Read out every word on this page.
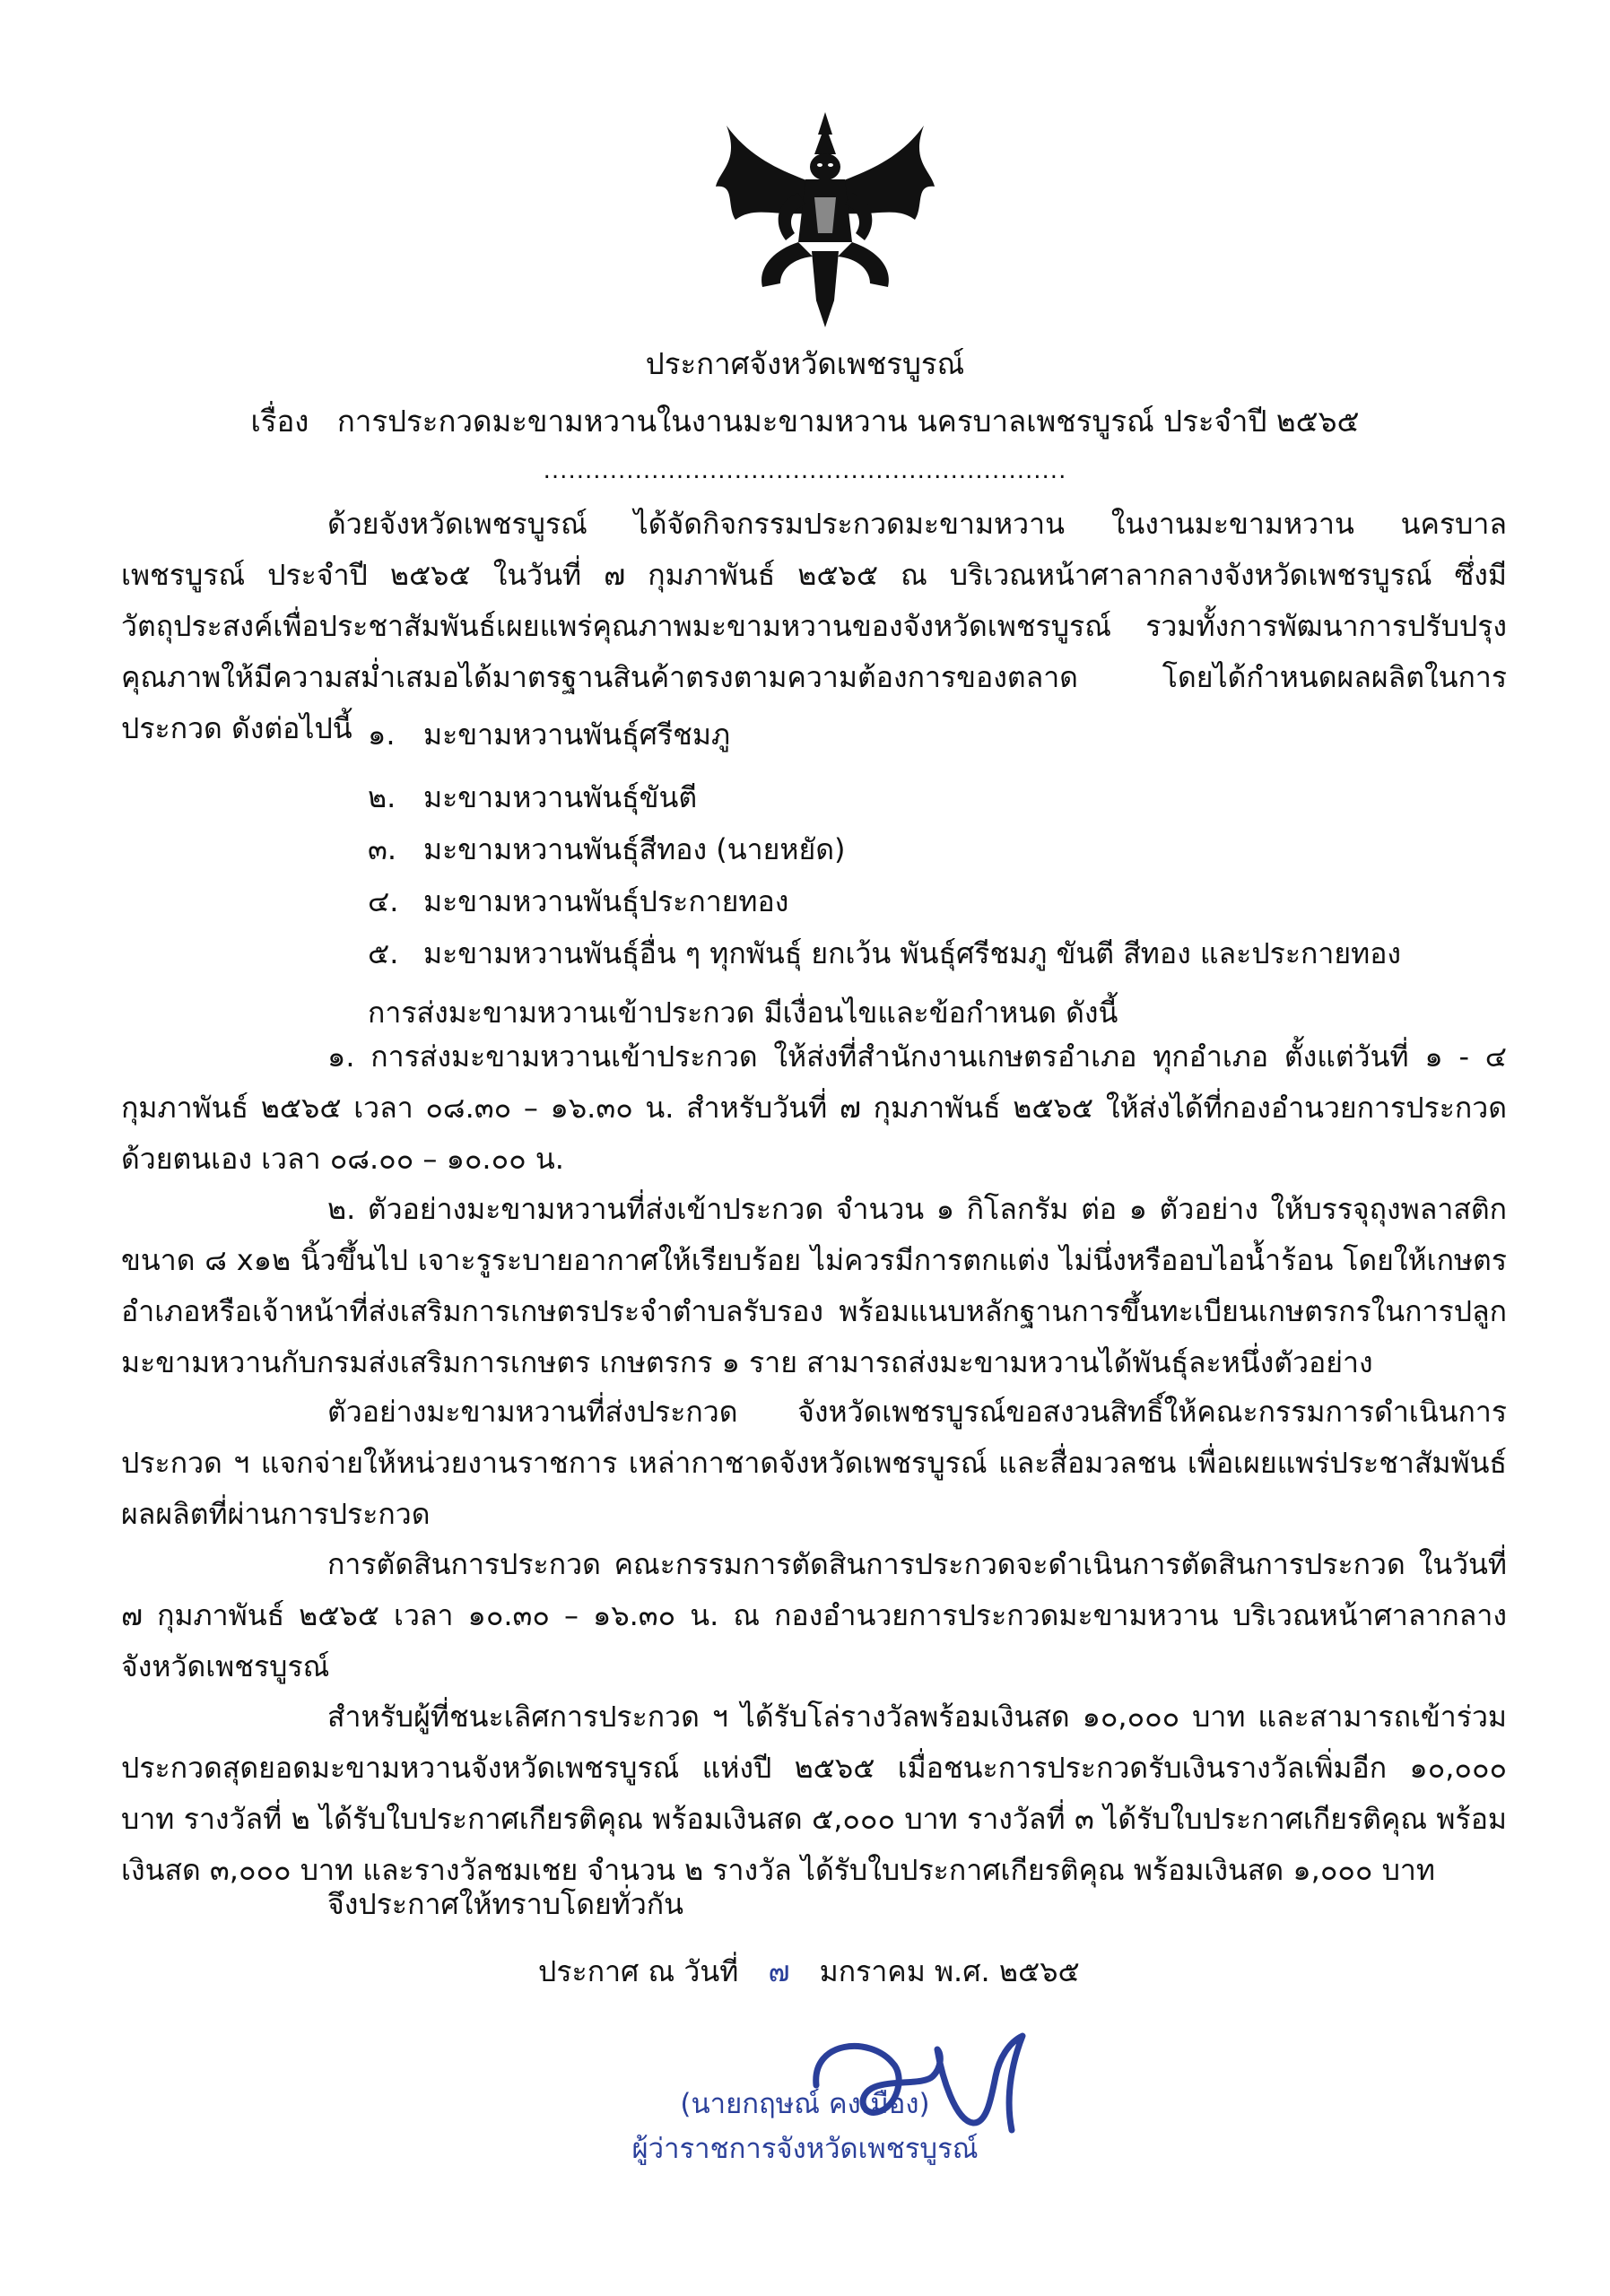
ประกาศจังหวัดเพชรบูรณ์
เรื่อง การประกวดมะขามหวานในงานมะขามหวาน นครบาลเพชรบูรณ์ ประจำปี ๒๕๖๕
...............................................................

ด้วยจังหวัดเพชรบูรณ์ ได้จัดกิจกรรมประกวดมะขามหวาน ในงานมะขามหวาน นครบาลเพชรบูรณ์ ประจำปี ๒๕๖๕ ในวันที่ ๗ กุมภาพันธ์ ๒๕๖๕ ณ บริเวณหน้าศาลากลางจังหวัดเพชรบูรณ์ ซึ่งมีวัตถุประสงค์เพื่อประชาสัมพันธ์เผยแพร่คุณภาพมะขามหวานของจังหวัดเพชรบูรณ์ รวมทั้งการพัฒนาการปรับปรุงคุณภาพให้มีความสม่ำเสมอได้มาตรฐานสินค้าตรงตามความต้องการของตลาด โดยได้กำหนดผลผลิตในการประกวด ดังต่อไปนี้ ๑. มะขามหวานพันธุ์ศรีชมภู
๒. มะขามหวานพันธุ์ขันตี
๓. มะขามหวานพันธุ์สีทอง (นายหยัด)
๔. มะขามหวานพันธุ์ประกายทอง
๕. มะขามหวานพันธุ์อื่น ๆ ทุกพันธุ์ ยกเว้น พันธุ์ศรีชมภู ขันตี สีทอง และประกายทอง
การส่งมะขามหวานเข้าประกวด มีเงื่อนไขและข้อกำหนด ดังนี้

๑. การส่งมะขามหวานเข้าประกวด ให้ส่งที่สำนักงานเกษตรอำเภอ ทุกอำเภอ ตั้งแต่วันที่ ๑ - ๔ กุมภาพันธ์ ๒๕๖๕ เวลา ๐๘.๓๐ – ๑๖.๓๐ น. สำหรับวันที่ ๗ กุมภาพันธ์ ๒๕๖๕ ให้ส่งได้ที่กองอำนวยการประกวดด้วยตนเอง เวลา ๐๘.๐๐ – ๑๐.๐๐ น.

๒. ตัวอย่างมะขามหวานที่ส่งเข้าประกวด จำนวน ๑ กิโลกรัม ต่อ ๑ ตัวอย่าง ให้บรรจุถุงพลาสติก ขนาด ๘ x๑๒ นิ้วขึ้นไป เจาะรูระบายอากาศให้เรียบร้อย ไม่ควรมีการตกแต่ง ไม่นึ่งหรืออบไอน้ำร้อน โดยให้เกษตรอำเภอหรือเจ้าหน้าที่ส่งเสริมการเกษตรประจำตำบลรับรอง พร้อมแนบหลักฐานการขึ้นทะเบียนเกษตรกรในการปลูกมะขามหวานกับกรมส่งเสริมการเกษตร เกษตรกร ๑ ราย สามารถส่งมะขามหวานได้พันธุ์ละหนึ่งตัวอย่าง

ตัวอย่างมะขามหวานที่ส่งประกวด จังหวัดเพชรบูรณ์ขอสงวนสิทธิ์ให้คณะกรรมการดำเนินการประกวด ฯ แจกจ่ายให้หน่วยงานราชการ เหล่ากาชาดจังหวัดเพชรบูรณ์ และสื่อมวลชน เพื่อเผยแพร่ประชาสัมพันธ์ผลผลิตที่ผ่านการประกวด

การตัดสินการประกวด คณะกรรมการตัดสินการประกวดจะดำเนินการตัดสินการประกวด ในวันที่ ๗ กุมภาพันธ์ ๒๕๖๕ เวลา ๑๐.๓๐ – ๑๖.๓๐ น. ณ กองอำนวยการประกวดมะขามหวาน บริเวณหน้าศาลากลางจังหวัดเพชรบูรณ์

สำหรับผู้ที่ชนะเลิศการประกวด ฯ ได้รับโล่รางวัลพร้อมเงินสด ๑๐,๐๐๐ บาท และสามารถเข้าร่วมประกวดสุดยอดมะขามหวานจังหวัดเพชรบูรณ์ แห่งปี ๒๕๖๕ เมื่อชนะการประกวดรับเงินรางวัลเพิ่มอีก ๑๐,๐๐๐ บาท รางวัลที่ ๒ ได้รับใบประกาศเกียรติคุณ พร้อมเงินสด ๕,๐๐๐ บาท รางวัลที่ ๓ ได้รับใบประกาศเกียรติคุณ พร้อมเงินสด ๓,๐๐๐ บาท และรางวัลชมเชย จำนวน ๒ รางวัล ได้รับใบประกาศเกียรติคุณ พร้อมเงินสด ๑,๐๐๐ บาท

จึงประกาศให้ทราบโดยทั่วกัน
ประกาศ ณ วันที่ ๗ มกราคม พ.ศ. ๒๕๖๕
(นายกฤษณ์ คงเมือง)
ผู้ว่าราชการจังหวัดเพชรบูรณ์
